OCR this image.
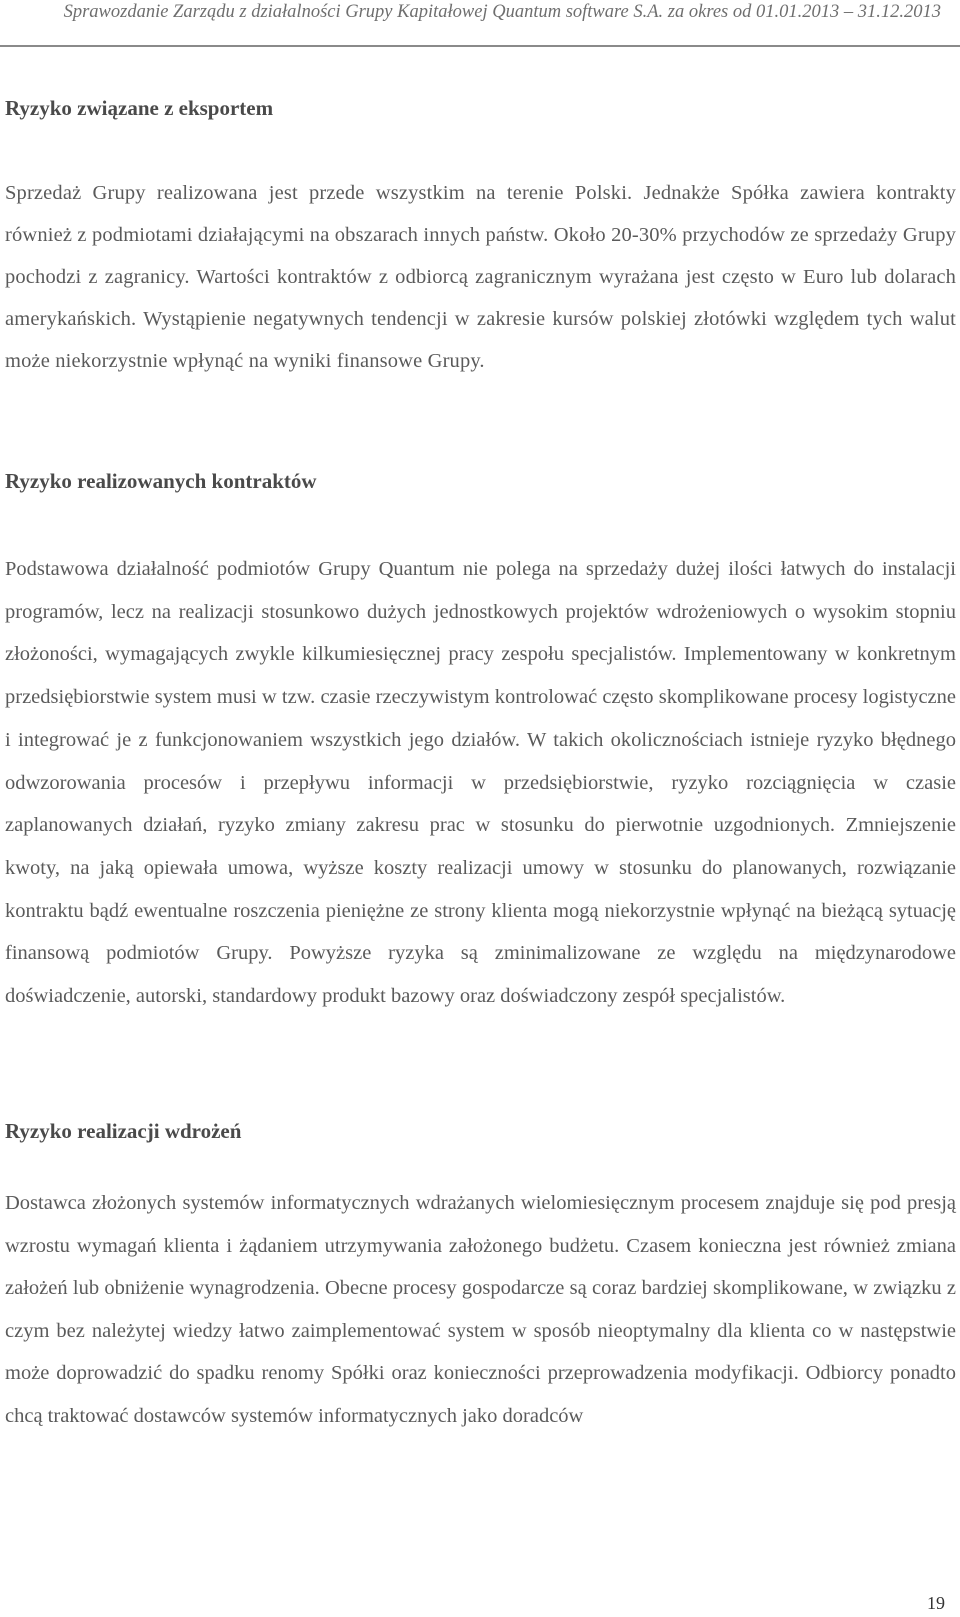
Sprawozdanie Zarządu z działalności Grupy Kapitałowej Quantum software S.A. za okres od 01.01.2013 – 31.12.2013
Ryzyko związane z eksportem

Sprzedaż Grupy realizowana jest przede wszystkim na terenie Polski. Jednakże Spółka zawiera kontrakty również z podmiotami działającymi na obszarach innych państw. Około 20-30% przychodów ze sprzedaży Grupy pochodzi z zagranicy. Wartości kontraktów z odbiorcą zagranicznym wyrażana jest często w Euro lub dolarach amerykańskich. Wystąpienie negatywnych tendencji w zakresie kursów polskiej złotówki względem tych walut może niekorzystnie wpłynąć na wyniki finansowe Grupy.

Ryzyko realizowanych kontraktów

Podstawowa działalność podmiotów Grupy Quantum nie polega na sprzedaży dużej ilości łatwych do instalacji programów, lecz na realizacji stosunkowo dużych jednostkowych projektów wdrożeniowych o wysokim stopniu złożoności, wymagających zwykle kilkumiesięcznej pracy zespołu specjalistów. Implementowany w konkretnym przedsiębiorstwie system musi w tzw. czasie rzeczywistym kontrolować często skomplikowane procesy logistyczne i integrować je z funkcjonowaniem wszystkich jego działów. W takich okolicznościach istnieje ryzyko błędnego odwzorowania procesów i przepływu informacji w przedsiębiorstwie, ryzyko rozciągnięcia w czasie zaplanowanych działań, ryzyko zmiany zakresu prac w stosunku do pierwotnie uzgodnionych. Zmniejszenie kwoty, na jaką opiewała umowa, wyższe koszty realizacji umowy w stosunku do planowanych, rozwiązanie kontraktu bądź ewentualne roszczenia pieniężne ze strony klienta mogą niekorzystnie wpłynąć na bieżącą sytuację finansową podmiotów Grupy. Powyższe ryzyka są zminimalizowane ze względu na międzynarodowe doświadczenie, autorski, standardowy produkt bazowy oraz doświadczony zespół specjalistów.

Ryzyko realizacji wdrożeń

Dostawca złożonych systemów informatycznych wdrażanych wielomiesięcznym procesem znajduje się pod presją wzrostu wymagań klienta i żądaniem utrzymywania założonego budżetu. Czasem konieczna jest również zmiana założeń lub obniżenie wynagrodzenia. Obecne procesy gospodarcze są coraz bardziej skomplikowane, w związku z czym bez należytej wiedzy łatwo zaimplementować system w sposób nieoptymalny dla klienta co w następstwie może doprowadzić do spadku renomy Spółki oraz konieczności przeprowadzenia modyfikacji. Odbiorcy ponadto chcą traktować dostawców systemów informatycznych jako doradców

19
